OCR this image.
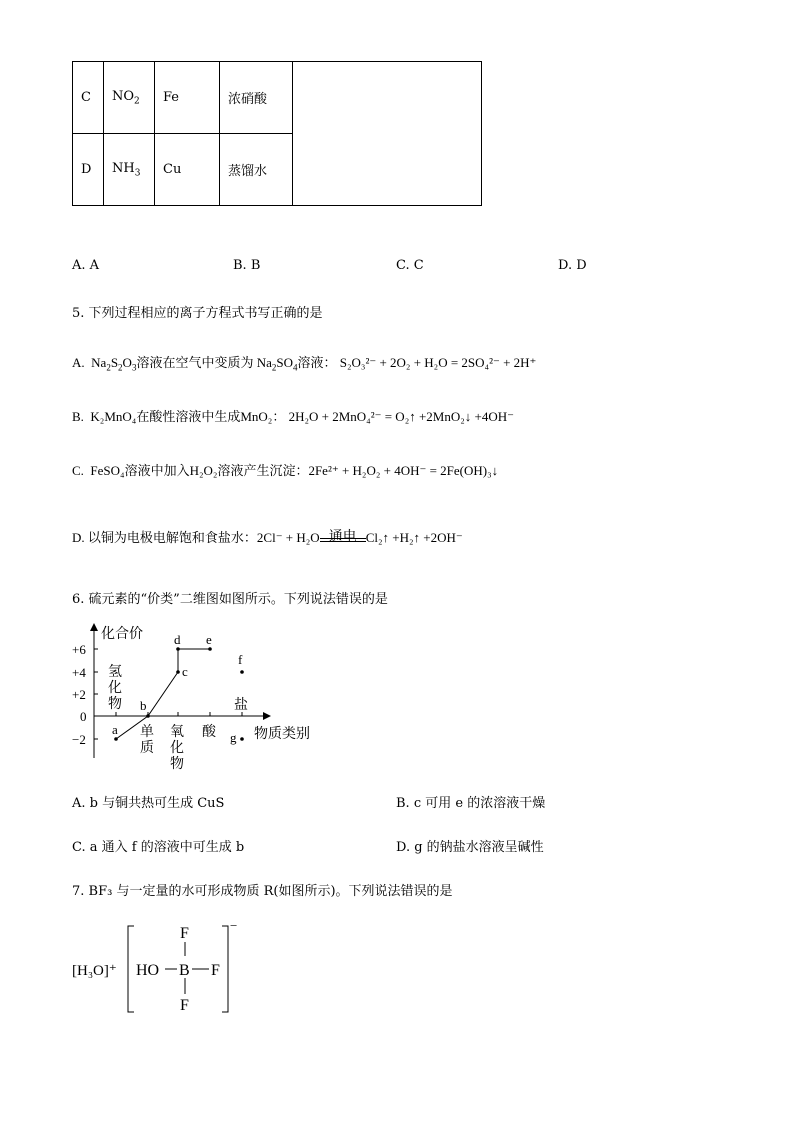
C	$NO_2$	Fe	浓硝酸	
D	$NH_3$	Cu	蒸馏水	
A. A	B. B	C. C	D. D
5. 下列过程相应的离子方程式书写正确的是
A. $Na_2S_2O_3$溶液在空气中变质为 $Na_2SO_4$溶液： S₂O₃²⁻ + 2O₂ + H₂O = 2SO₄²⁻ + 2H⁺
B. K₂MnO₄在酸性溶液中生成MnO₂： 2H₂O + 2MnO₄²⁻ = O₂↑ +2MnO₂↓ +4OH⁻
C. FeSO₄溶液中加入H₂O₂溶液产生沉淀：2Fe²⁺ + H₂O₂ + 4OH⁻ = 2Fe(OH)₃↓
D. 以铜为电极电解饱和食盐水：2Cl⁻ + H₂O 通电 Cl₂↑ +H₂↑ +2OH⁻
6. 硫元素的“价类”二维图如图所示。下列说法错误的是
化合价
物质类别
+6
+4
+2
0
−2
氢
化
物
单
质
氧
化
物
酸
盐
a
b
c
d e
f
g
A. b 与铜共热可生成 CuS	B. c 可用 e 的浓溶液干燥
C. a 通入 f 的溶液中可生成 b	D. g 的钠盐水溶液呈碱性
7. BF₃ 与一定量的水可形成物质 R(如图所示)。下列说法错误的是
[H₃O]⁺
−
HO B
F
F
F
